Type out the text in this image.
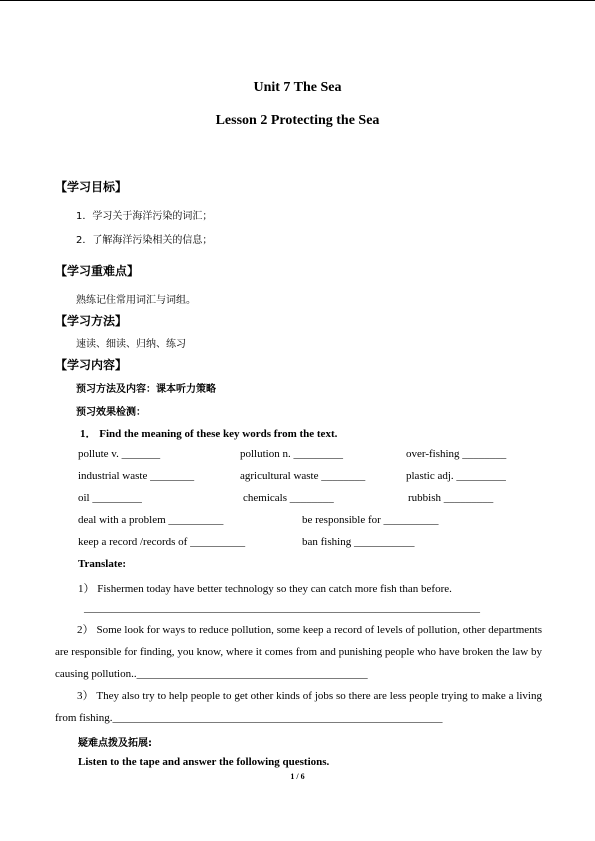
Unit 7 The Sea
Lesson 2 Protecting the Sea
【学习目标】
1．学习关于海洋污染的词汇；
2．了解海洋污染相关的信息；
【学习重难点】
熟练记住常用词汇与词组。
【学习方法】
速读、细读、归纳、练习
【学习内容】
预习方法及内容：课本听力策略
预习效果检测：
1． Find the meaning of these key words from the text.
pollute v. _______	pollution n. _________	over-fishing ________
industrial waste ________	agricultural waste ________	plastic adj. _________
oil _________	chemicals ________	rubbish _________
deal with a problem __________	be responsible for __________
keep a record /records of __________	ban fishing ___________
Translate:
1） Fishermen today have better technology so they can catch more fish than before.
________________________________________________________________________
2） Some look for ways to reduce pollution, some keep a record of levels of pollution, other departments are responsible for finding, you know, where it comes from and punishing people who have broken the law by causing pollution..__________________________________________
3） They also try to help people to get other kinds of jobs so there are less people trying to make a living from fishing.____________________________________________________________
疑难点拨及拓展:
Listen to the tape and answer the following questions.
1 / 6
